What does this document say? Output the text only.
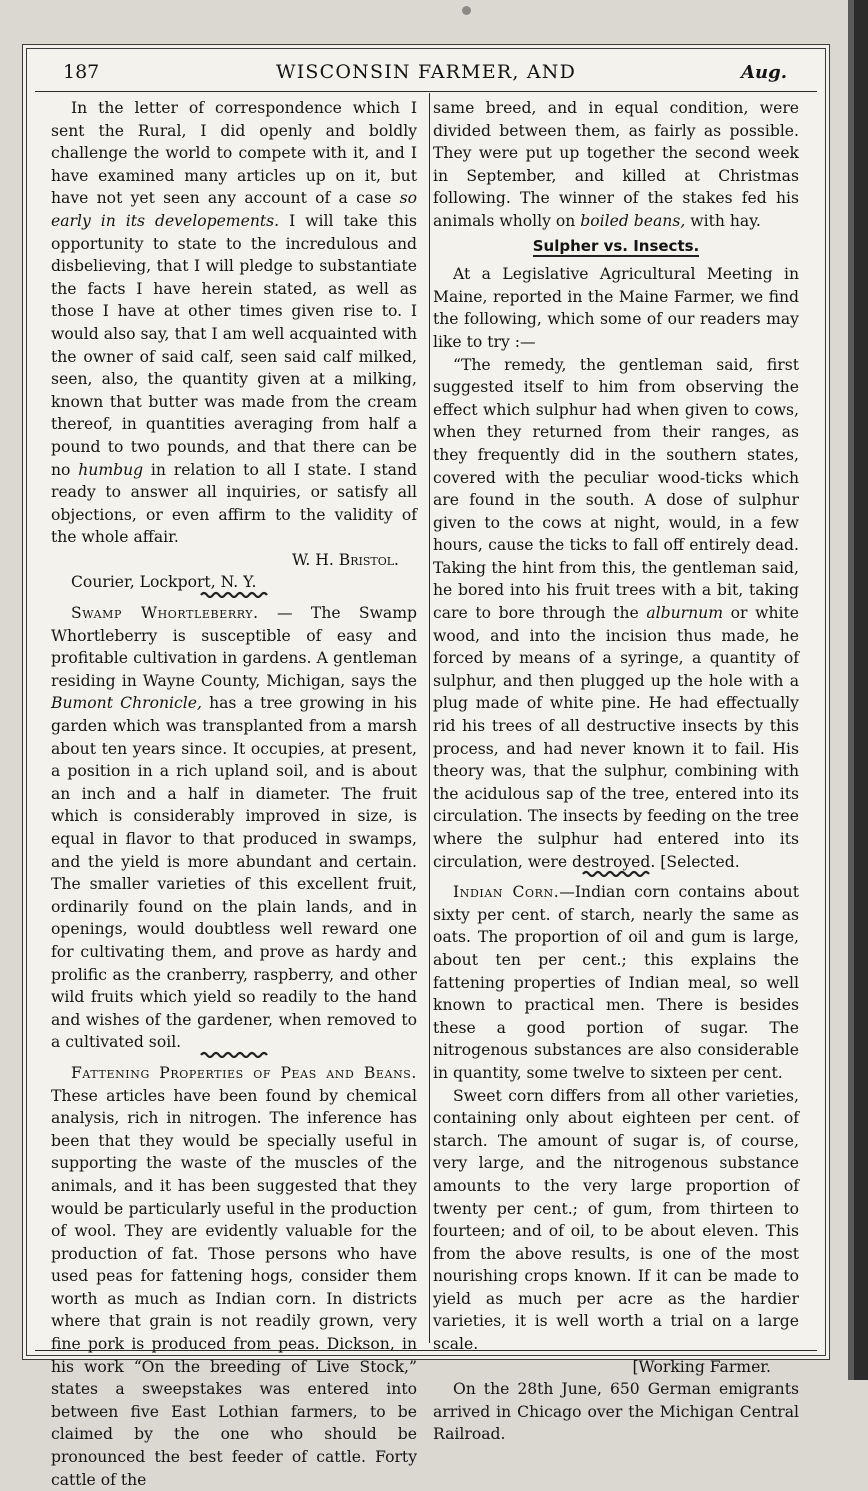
WISCONSIN FARMER, AND
187	Aug.

In the letter of correspondence which I sent the Rural, I did openly and boldly challenge the world to compete with it, and I have examined many articles up on it, but have not yet seen any account of a case so early in its developements. I will take this opportunity to state to the incredulous and disbelieving, that I will pledge to substantiate the facts I have herein stated, as well as those I have at other times given rise to. I would also say, that I am well acquainted with the owner of said calf, seen said calf milked, seen, also, the quantity given at a milking, known that butter was made from the cream thereof, in quantities averaging from half a pound to two pounds, and that there can be no humbug in relation to all I state. I stand ready to answer all inquiries, or satisfy all objections, or even affirm to the validity of the whole affair.

W. H. Bristol.
Courier, Lockport, N. Y.

Swamp Whortleberry. — The Swamp Whortleberry is susceptible of easy and profitable cultivation in gardens. A gentleman residing in Wayne County, Michigan, says the Bumont Chronicle, has a tree growing in his garden which was transplanted from a marsh about ten years since. It occupies, at present, a position in a rich upland soil, and is about an inch and a half in diameter. The fruit which is considerably improved in size, is equal in flavor to that produced in swamps, and the yield is more abundant and certain. The smaller varieties of this excellent fruit, ordinarily found on the plain lands, and in openings, would doubtless well reward one for cultivating them, and prove as hardy and prolific as the cranberry, raspberry, and other wild fruits which yield so readily to the hand and wishes of the gardener, when removed to a cultivated soil.

Fattening Properties of Peas and Beans. These articles have been found by chemical analysis, rich in nitrogen. The inference has been that they would be specially useful in supporting the waste of the muscles of the animals, and it has been suggested that they would be particularly useful in the production of wool. They are evidently valuable for the production of fat. Those persons who have used peas for fattening hogs, consider them worth as much as Indian corn. In districts where that grain is not readily grown, very fine pork is produced from peas. Dickson, in his work “On the breeding of Live Stock,” states a sweepstakes was entered into between five East Lothian farmers, to be claimed by the one who should be pronounced the best feeder of cattle. Forty cattle of the

same breed, and in equal condition, were divided between them, as fairly as possible. They were put up together the second week in September, and killed at Christmas following. The winner of the stakes fed his animals wholly on boiled beans, with hay.

Sulpher vs. Insects.

At a Legislative Agricultural Meeting in Maine, reported in the Maine Farmer, we find the following, which some of our readers may like to try :—

“The remedy, the gentleman said, first suggested itself to him from observing the effect which sulphur had when given to cows, when they returned from their ranges, as they frequently did in the southern states, covered with the peculiar wood-ticks which are found in the south. A dose of sulphur given to the cows at night, would, in a few hours, cause the ticks to fall off entirely dead. Taking the hint from this, the gentleman said, he bored into his fruit trees with a bit, taking care to bore through the alburnum or white wood, and into the incision thus made, he forced by means of a syringe, a quantity of sulphur, and then plugged up the hole with a plug made of white pine. He had effectually rid his trees of all destructive insects by this process, and had never known it to fail. His theory was, that the sulphur, combining with the acidulous sap of the tree, entered into its circulation. The insects by feeding on the tree where the sulphur had entered into its circulation, were destroyed. [Selected.

Indian Corn.—Indian corn contains about sixty per cent. of starch, nearly the same as oats. The proportion of oil and gum is large, about ten per cent.; this explains the fattening properties of Indian meal, so well known to practical men. There is besides these a good portion of sugar. The nitrogenous substances are also considerable in quantity, some twelve to sixteen per cent.

Sweet corn differs from all other varieties, containing only about eighteen per cent. of starch. The amount of sugar is, of course, very large, and the nitrogenous substance amounts to the very large proportion of twenty per cent.; of gum, from thirteen to fourteen; and of oil, to be about eleven. This from the above results, is one of the most nourishing crops known. If it can be made to yield as much per acre as the hardier varieties, it is well worth a trial on a large scale.

[Working Farmer.

On the 28th June, 650 German emigrants arrived in Chicago over the Michigan Central Railroad.
